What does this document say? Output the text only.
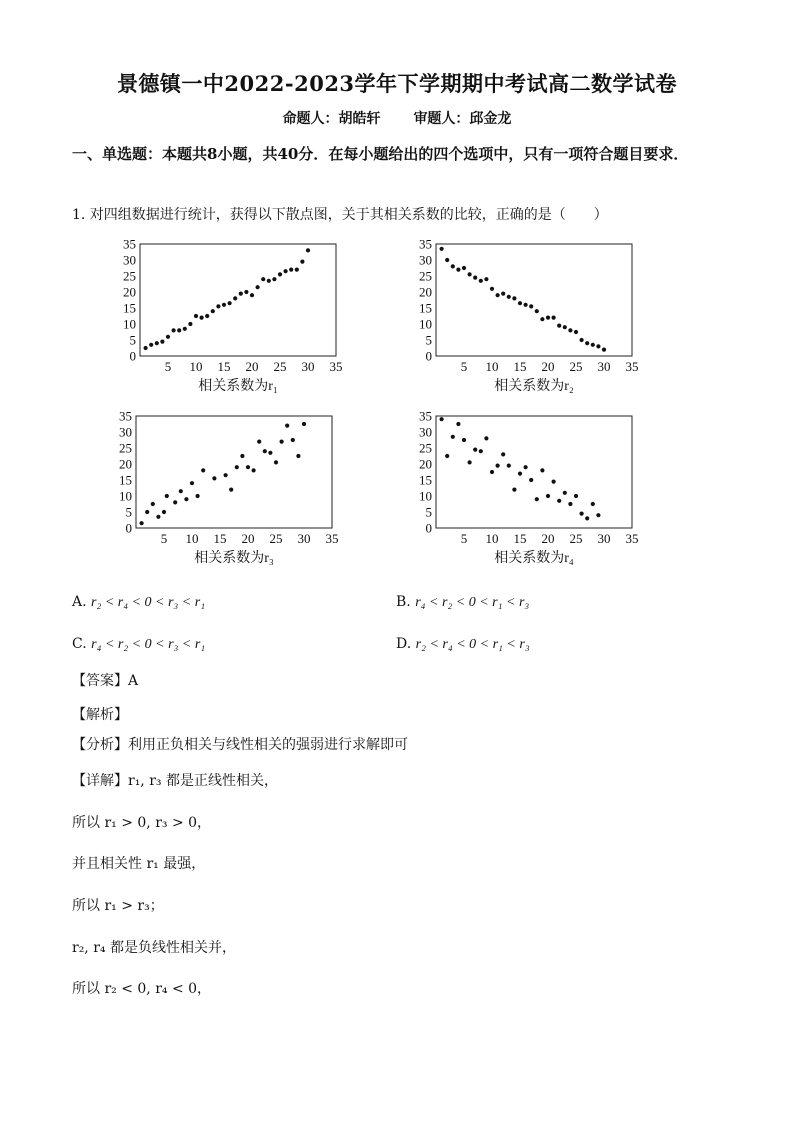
景德镇一中2022-2023学年下学期期中考试高二数学试卷
命题人：胡皓轩 审题人：邱金龙
一、单选题：本题共8小题，共40分．在每小题给出的四个选项中，只有一项符合题目要求．
1. 对四组数据进行统计，获得以下散点图，关于其相关系数的比较，正确的是（　　）
0
5
10
15
20
25
30
35
5 10 15 20 25 30 35
相关系数为r₁
0
5
10
15
20
25
30
35
5 10 15 20 25 30 35
相关系数为r₂
0
5
10
15
20
25
30
35
5 10 15 20 25 30 35
相关系数为r₃
0
5
10
15
20
25
30
35
5 10 15 20 25 30 35
相关系数为r₄
A. r₂ < r₄ < 0 < r₃ < r₁	B. r₄ < r₂ < 0 < r₁ < r₃
C. r₄ < r₂ < 0 < r₃ < r₁	D. r₂ < r₄ < 0 < r₁ < r₃
【答案】A
【解析】
【分析】利用正负相关与线性相关的强弱进行求解即可
【详解】r₁, r₃ 都是正线性相关，
所以 r₁ > 0, r₃ > 0，
并且相关性 r₁ 最强，
所以 r₁ > r₃；
r₂, r₄ 都是负线性相关并，
所以 r₂ < 0, r₄ < 0，
